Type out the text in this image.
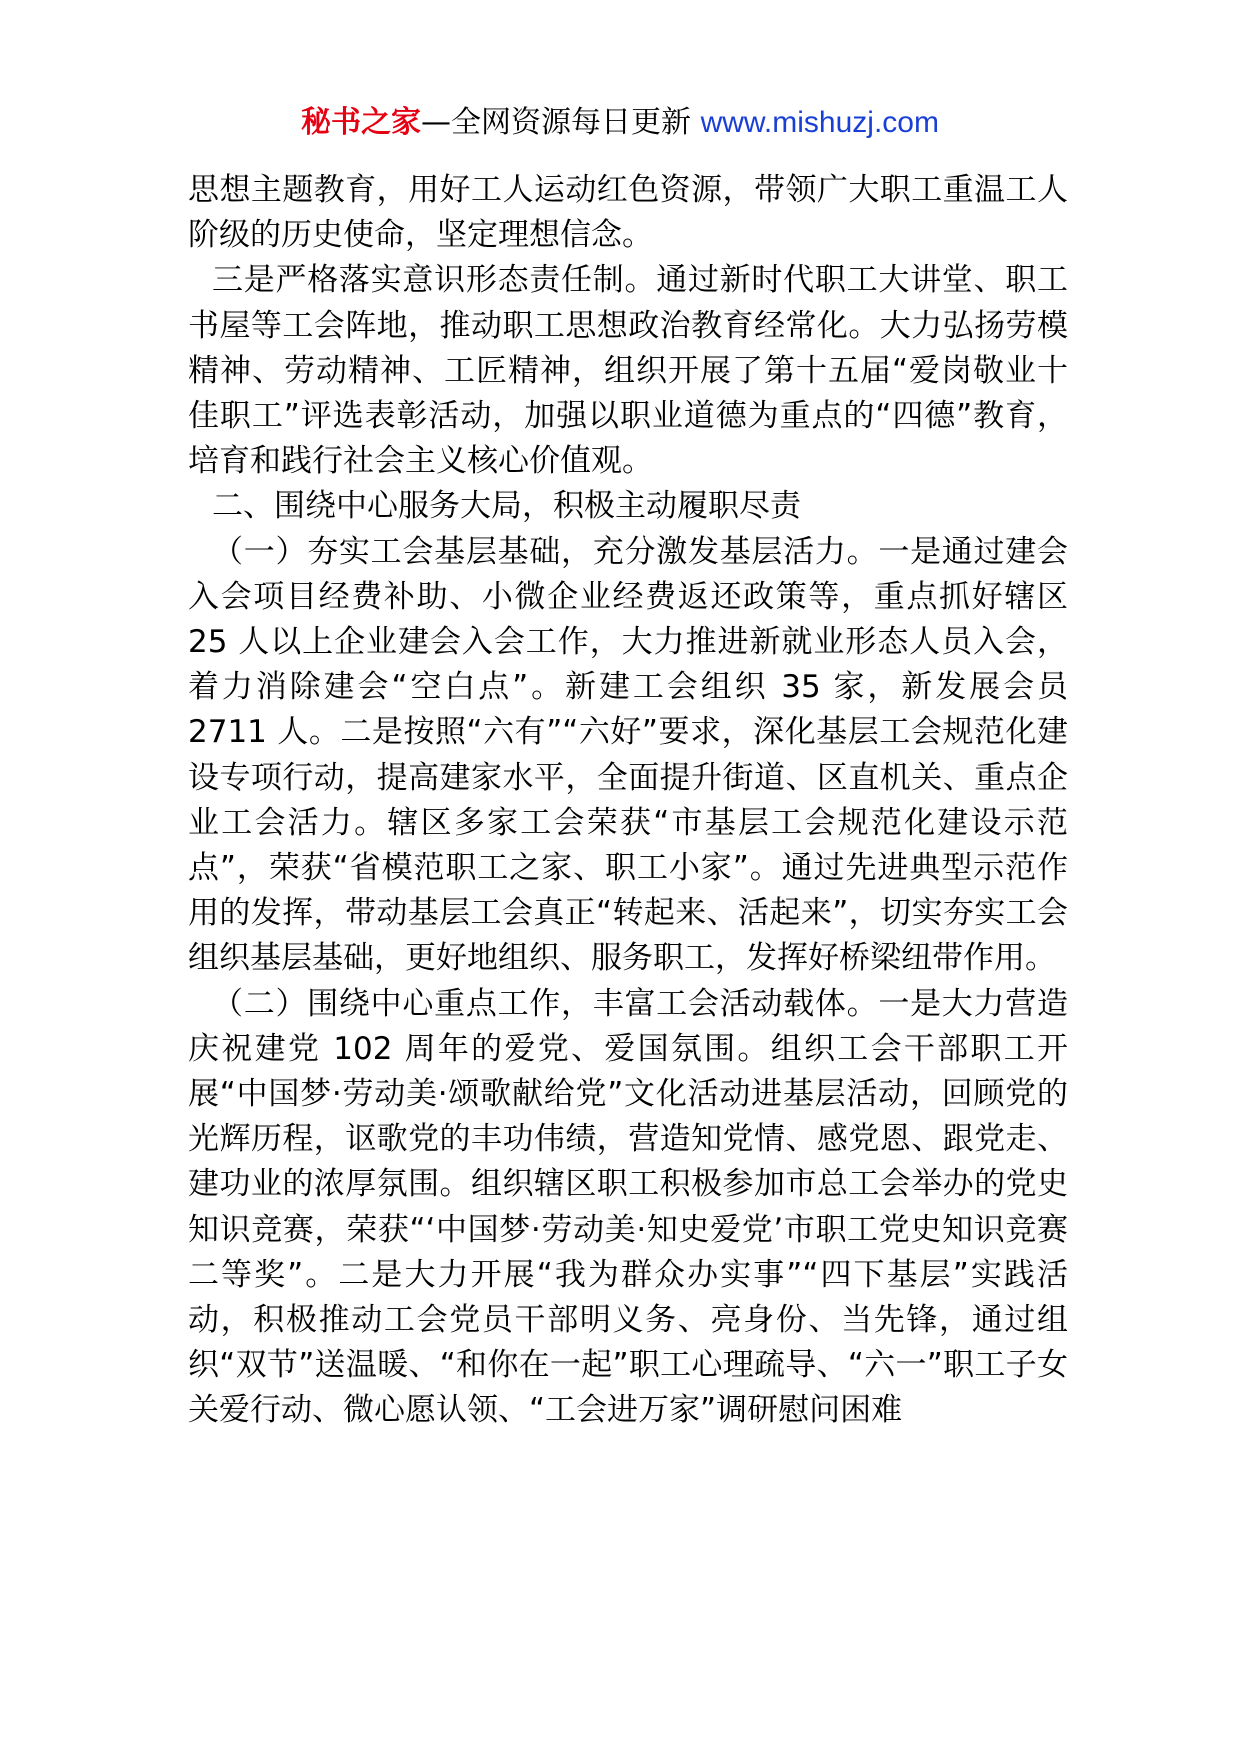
秘书之家—全网资源每日更新 www.mishuzj.com

思想主题教育，用好工人运动红色资源，带领广大职工重温工人阶级的历史使命，坚定理想信念。

三是严格落实意识形态责任制。通过新时代职工大讲堂、职工书屋等工会阵地，推动职工思想政治教育经常化。大力弘扬劳模精神、劳动精神、工匠精神，组织开展了第十五届“爱岗敬业十佳职工”评选表彰活动，加强以职业道德为重点的“四德”教育，培育和践行社会主义核心价值观。

二、围绕中心服务大局，积极主动履职尽责

（一）夯实工会基层基础，充分激发基层活力。一是通过建会入会项目经费补助、小微企业经费返还政策等，重点抓好辖区 25 人以上企业建会入会工作，大力推进新就业形态人员入会，着力消除建会“空白点”。新建工会组织 35 家，新发展会员 2711 人。二是按照“六有”“六好”要求，深化基层工会规范化建设专项行动，提高建家水平，全面提升街道、区直机关、重点企业工会活力。辖区多家工会荣获“市基层工会规范化建设示范点”，荣获“省模范职工之家、职工小家”。通过先进典型示范作用的发挥，带动基层工会真正“转起来、活起来”，切实夯实工会组织基层基础，更好地组织、服务职工，发挥好桥梁纽带作用。

（二）围绕中心重点工作，丰富工会活动载体。一是大力营造庆祝建党 102 周年的爱党、爱国氛围。组织工会干部职工开展“中国梦·劳动美·颂歌献给党”文化活动进基层活动，回顾党的光辉历程，讴歌党的丰功伟绩，营造知党情、感党恩、跟党走、建功业的浓厚氛围。组织辖区职工积极参加市总工会举办的党史知识竞赛，荣获“‘中国梦·劳动美·知史爱党’市职工党史知识竞赛二等奖”。二是大力开展“我为群众办实事”“四下基层”实践活动，积极推动工会党员干部明义务、亮身份、当先锋，通过组织“双节”送温暖、“和你在一起”职工心理疏导、“六一”职工子女关爱行动、微心愿认领、“工会进万家”调研慰问困难
